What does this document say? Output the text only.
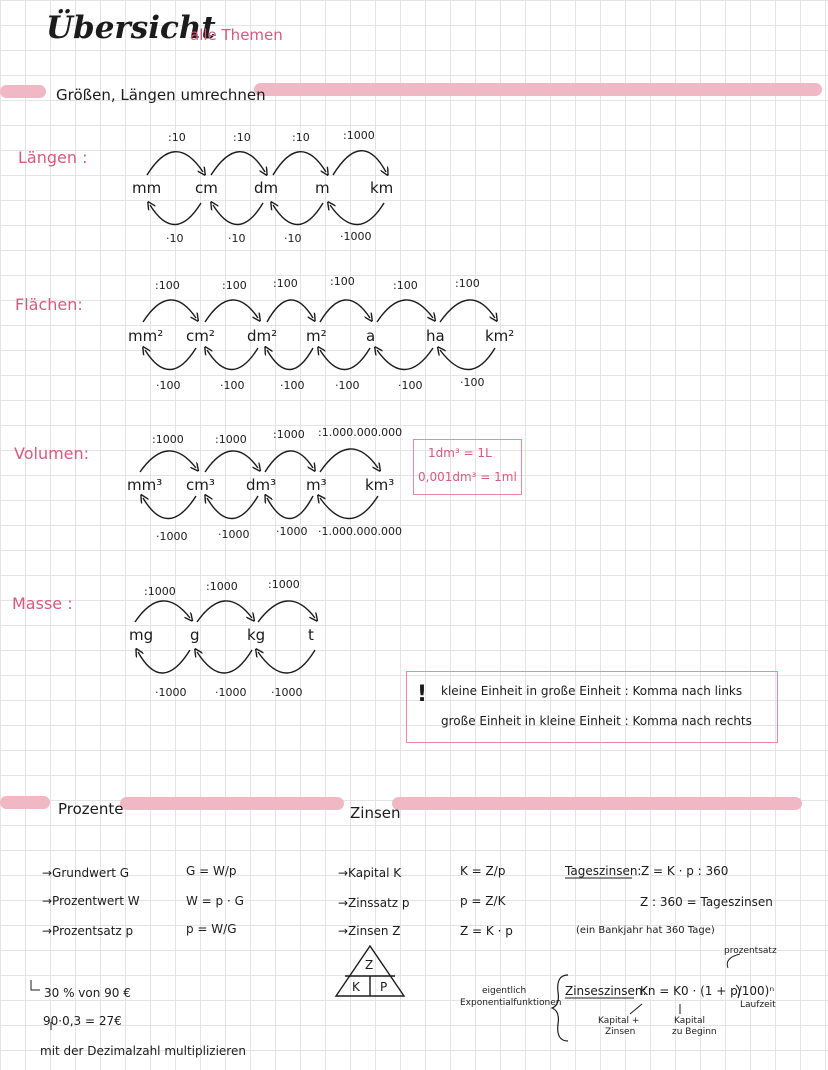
Übersicht
alle Themen
Größen, Längen umrechnen
Längen :
:10	:10	:10	:1000
mm cm dm m	km
·10	·10	·10	·1000
Flächen:
:100	:100 :100	:100	:100	:100
mm² cm² dm² m²	a	ha	km²
·100	·100	·100	·100	·100	·100
Volumen:
:1000	:1000 :1000 :1.000.000.000
mm³ cm³ dm³ m³	km³
·1000	·1000 ·1000 ·1.000.000.000
1dm³ = 1L
0,001dm³ = 1ml
Masse :
:1000	:1000	:1000
mg g	kg	t
·1000	·1000 ·1000	! kleine Einheit in große Einheit : Komma nach links
große Einheit in kleine Einheit : Komma nach rechts
Prozente	Zinsen
→Grundwert G	G = W/p
→Prozentwert W	W = p · G
→Prozentsatz p	p = W/G
30 % von 90 €
90·0,3 = 27€
mit der Dezimalzahl multiplizieren
→Kapital K	K = Z/p
→Zinssatz p	p = Z/K
→Zinsen Z	Z = K · p
Z
K P
Tageszinsen: Z = K · p : 360
Z : 360 = Tageszinsen
(ein Bankjahr hat 360 Tage)
eigentlich
Exponentialfunktionen
Zinseszinsen:
Kn = K0 · (1 + p/100)ⁿ
prozentsatz
Laufzeit
Kapital +
Zinsen
Kapital
zu Beginn
